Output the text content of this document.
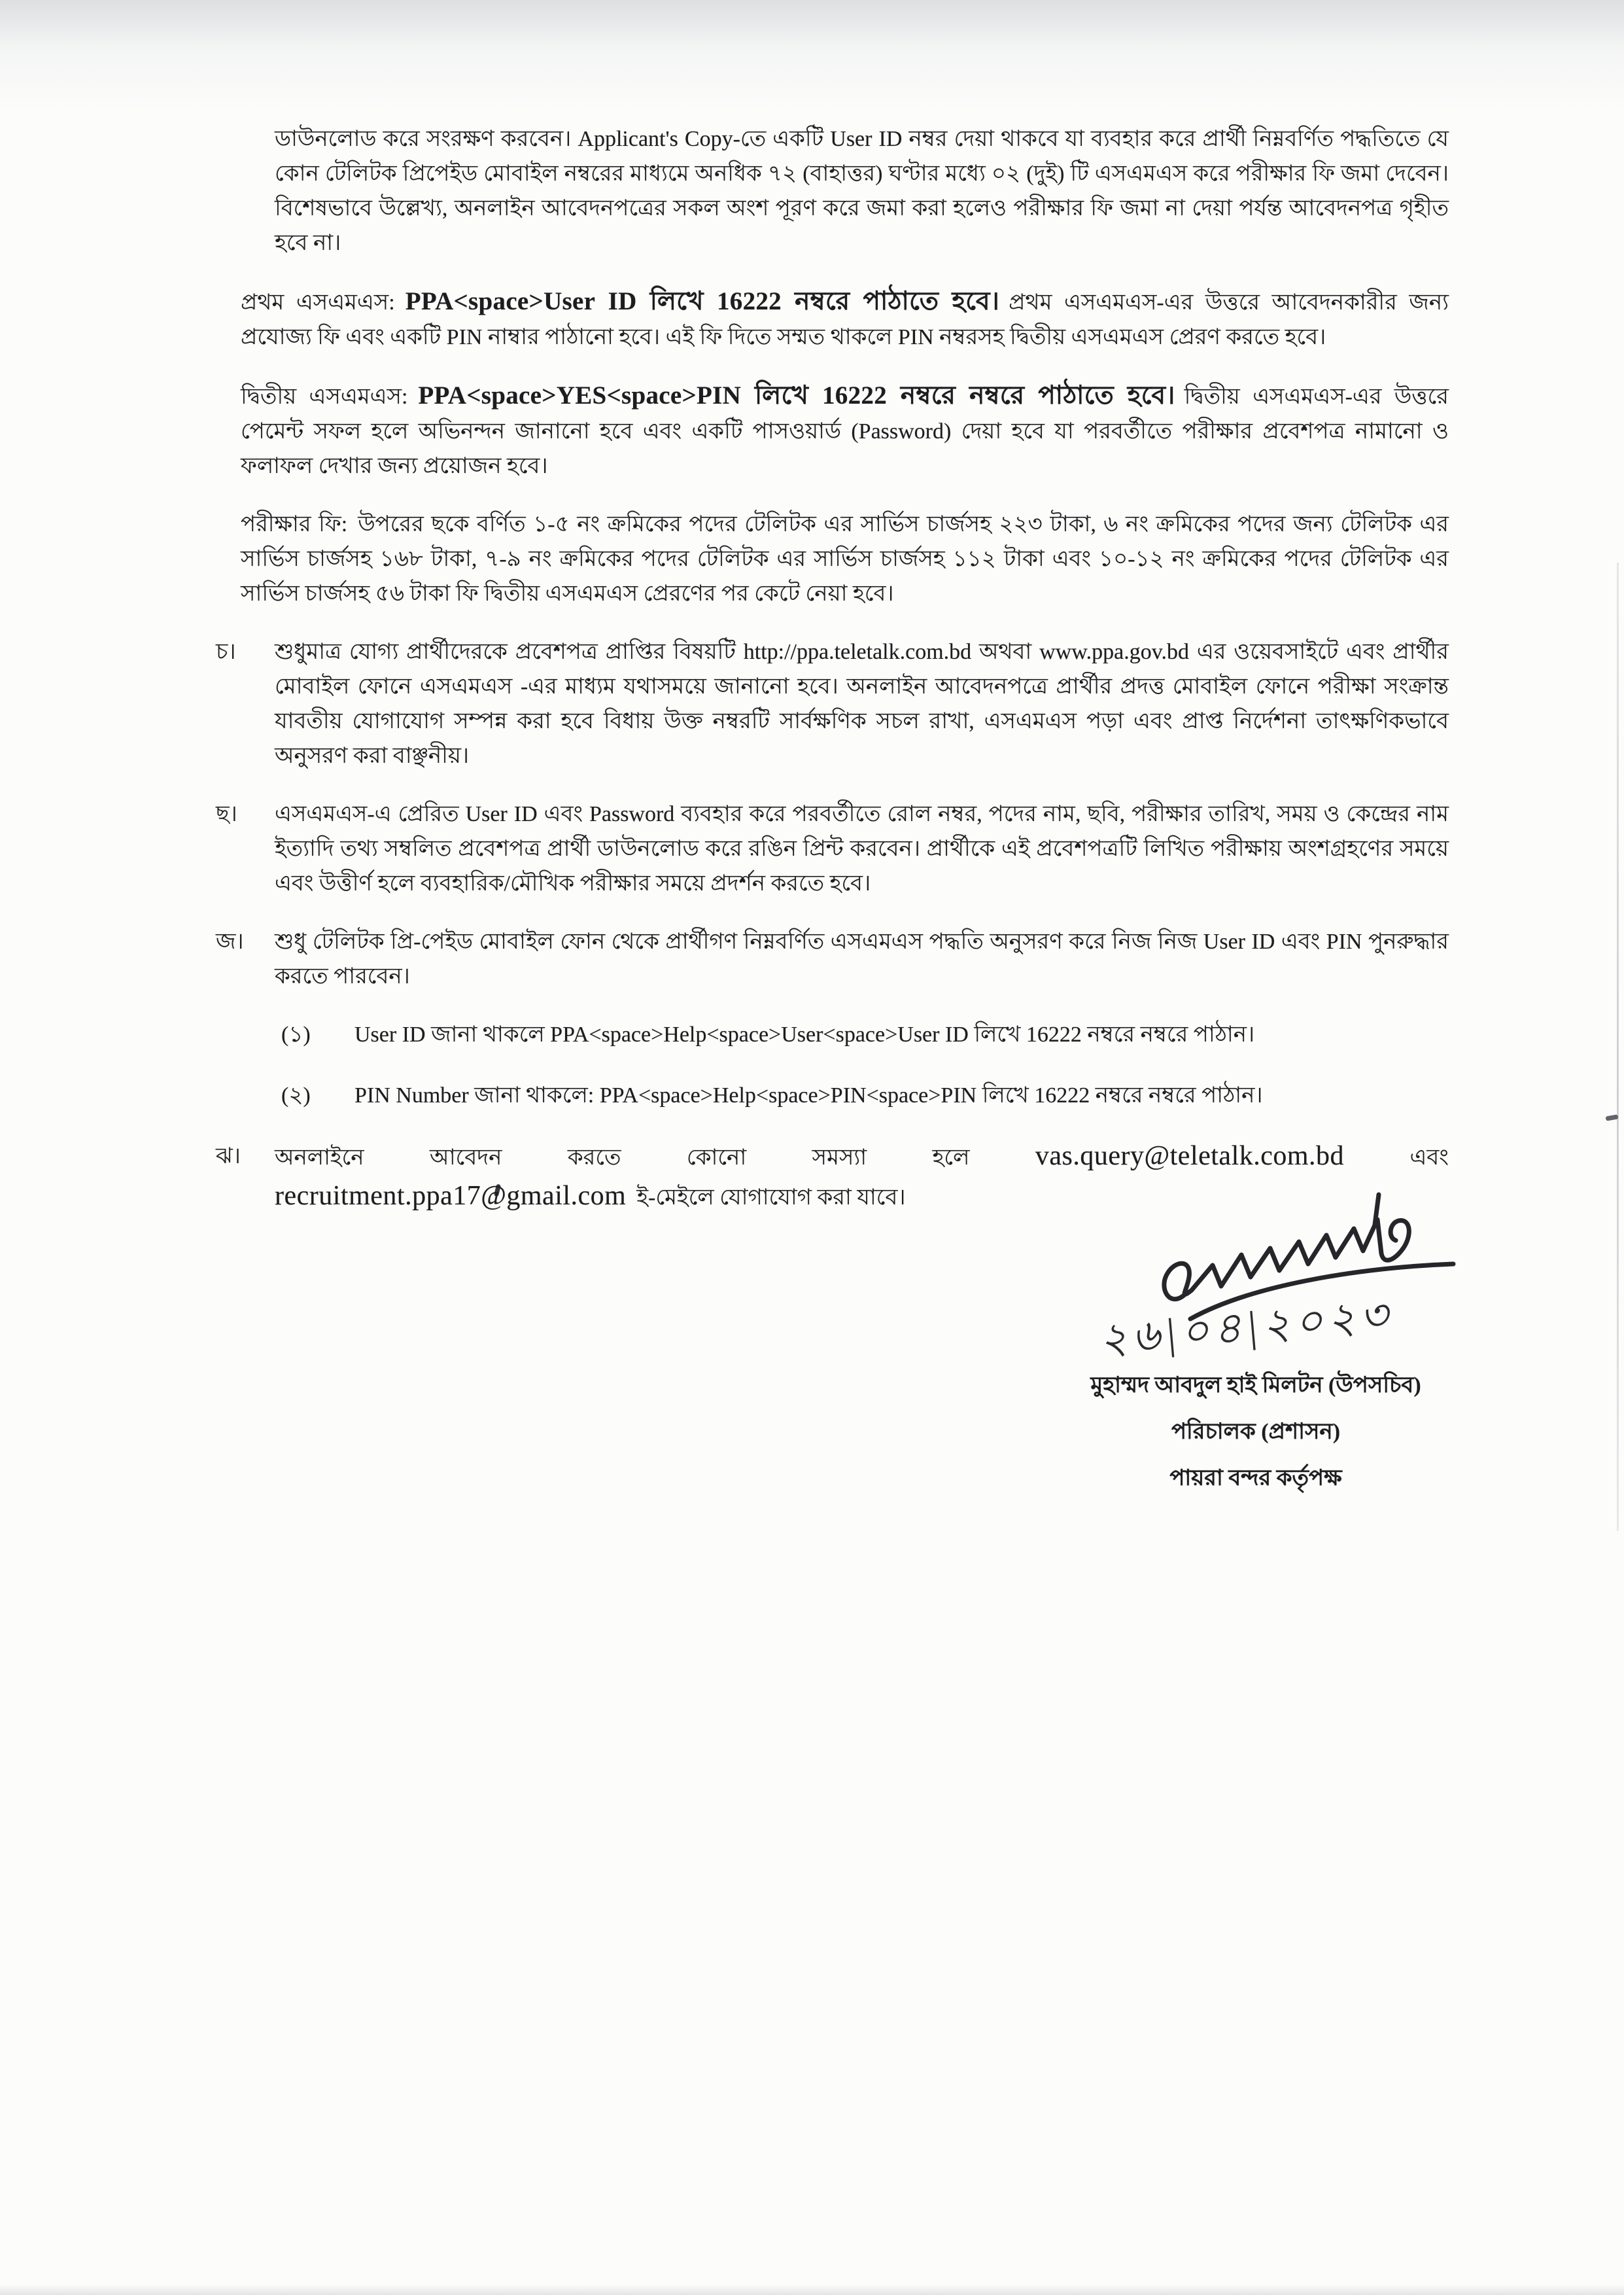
ডাউনলোড করে সংরক্ষণ করবেন। Applicant's Copy-তে একটি User ID নম্বর দেয়া থাকবে যা ব্যবহার করে প্রার্থী নিম্নবর্ণিত পদ্ধতিতে যে কোন টেলিটক প্রিপেইড মোবাইল নম্বরের মাধ্যমে অনধিক ৭২ (বাহাত্তর) ঘণ্টার মধ্যে ০২ (দুই) টি এসএমএস করে পরীক্ষার ফি জমা দেবেন। বিশেষভাবে উল্লেখ্য, অনলাইন আবেদনপত্রের সকল অংশ পূরণ করে জমা করা হলেও পরীক্ষার ফি জমা না দেয়া পর্যন্ত আবেদনপত্র গৃহীত হবে না।
প্রথম এসএমএস: PPA<space>User ID লিখে 16222 নম্বরে পাঠাতে হবে। প্রথম এসএমএস-এর উত্তরে আবেদনকারীর জন্য প্রযোজ্য ফি এবং একটি PIN নাম্বার পাঠানো হবে। এই ফি দিতে সম্মত থাকলে PIN নম্বরসহ দ্বিতীয় এসএমএস প্রেরণ করতে হবে।
দ্বিতীয় এসএমএস: PPA<space>YES<space>PIN লিখে 16222 নম্বরে নম্বরে পাঠাতে হবে। দ্বিতীয় এসএমএস-এর উত্তরে পেমেন্ট সফল হলে অভিনন্দন জানানো হবে এবং একটি পাসওয়ার্ড (Password) দেয়া হবে যা পরবর্তীতে পরীক্ষার প্রবেশপত্র নামানো ও ফলাফল দেখার জন্য প্রয়োজন হবে।
পরীক্ষার ফি: উপরের ছকে বর্ণিত ১-৫ নং ক্রমিকের পদের টেলিটক এর সার্ভিস চার্জসহ ২২৩ টাকা, ৬ নং ক্রমিকের পদের জন্য টেলিটক এর সার্ভিস চার্জসহ ১৬৮ টাকা, ৭-৯ নং ক্রমিকের পদের টেলিটক এর সার্ভিস চার্জসহ ১১২ টাকা এবং ১০-১২ নং ক্রমিকের পদের টেলিটক এর সার্ভিস চার্জসহ ৫৬ টাকা ফি দ্বিতীয় এসএমএস প্রেরণের পর কেটে নেয়া হবে।
চ।	শুধুমাত্র যোগ্য প্রার্থীদেরকে প্রবেশপত্র প্রাপ্তির বিষয়টি http://ppa.teletalk.com.bd অথবা www.ppa.gov.bd এর ওয়েবসাইটে এবং প্রার্থীর মোবাইল ফোনে এসএমএস -এর মাধ্যম যথাসময়ে জানানো হবে। অনলাইন আবেদনপত্রে প্রার্থীর প্রদত্ত মোবাইল ফোনে পরীক্ষা সংক্রান্ত যাবতীয় যোগাযোগ সম্পন্ন করা হবে বিধায় উক্ত নম্বরটি সার্বক্ষণিক সচল রাখা, এসএমএস পড়া এবং প্রাপ্ত নির্দেশনা তাৎক্ষণিকভাবে অনুসরণ করা বাঞ্ছনীয়।
ছ।	এসএমএস-এ প্রেরিত User ID এবং Password ব্যবহার করে পরবর্তীতে রোল নম্বর, পদের নাম, ছবি, পরীক্ষার তারিখ, সময় ও কেন্দ্রের নাম ইত্যাদি তথ্য সম্বলিত প্রবেশপত্র প্রার্থী ডাউনলোড করে রঙিন প্রিন্ট করবেন। প্রার্থীকে এই প্রবেশপত্রটি লিখিত পরীক্ষায় অংশগ্রহণের সময়ে এবং উত্তীর্ণ হলে ব্যবহারিক/মৌখিক পরীক্ষার সময়ে প্রদর্শন করতে হবে।
জ।	শুধু টেলিটক প্রি-পেইড মোবাইল ফোন থেকে প্রার্থীগণ নিম্নবর্ণিত এসএমএস পদ্ধতি অনুসরণ করে নিজ নিজ User ID এবং PIN পুনরুদ্ধার করতে পারবেন।
(১)	User ID জানা থাকলে PPA<space>Help<space>User<space>User ID লিখে 16222 নম্বরে নম্বরে পাঠান।
(২)	PIN Number জানা থাকলে: PPA<space>Help<space>PIN<space>PIN লিখে 16222 নম্বরে নম্বরে পাঠান।
ঝ।	অনলাইনে	আবেদন	করতে	কোনো	সমস্যা	হলে vas.query@teletalk.com.bd	এবং
recruitment.ppa17@gmail.com ই-মেইলে যোগাযোগ করা যাবে।
২৬|০৪|২০২৩
মুহাম্মদ আবদুল হাই মিলটন (উপসচিব)
পরিচালক (প্রশাসন)
পায়রা বন্দর কর্তৃপক্ষ
